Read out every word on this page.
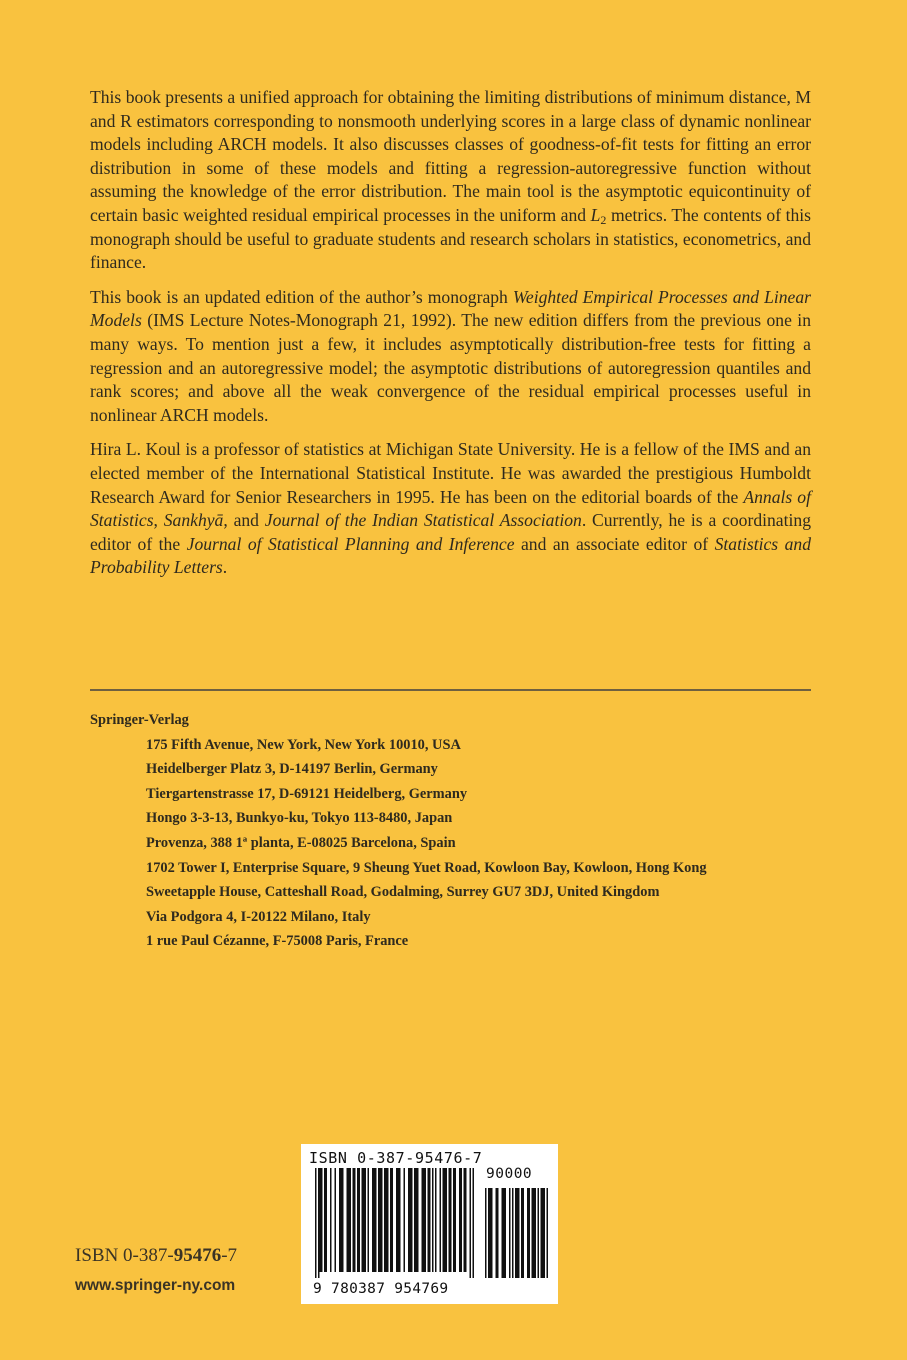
This book presents a unified approach for obtaining the limiting distributions of minimum distance, M and R estimators corresponding to nonsmooth underlying scores in a large class of dynamic nonlinear models including ARCH models. It also discusses classes of goodness-of-fit tests for fitting an error distribution in some of these models and fitting a regression-autoregressive function without assuming the knowledge of the error distribution. The main tool is the asymptotic equicontinuity of certain basic weighted residual empirical processes in the uniform and $L_2$ metrics. The contents of this monograph should be useful to graduate students and research scholars in statistics, econometrics, and finance.

This book is an updated edition of the author’s monograph Weighted Empirical Processes and Linear Models (IMS Lecture Notes-Monograph 21, 1992). The new edition differs from the previous one in many ways. To mention just a few, it includes asymptotically distribution-free tests for fitting a regression and an autoregressive model; the asymptotic distributions of autoregression quantiles and rank scores; and above all the weak convergence of the residual empirical processes useful in nonlinear ARCH models.

Hira L. Koul is a professor of statistics at Michigan State University. He is a fellow of the IMS and an elected member of the International Statistical Institute. He was awarded the prestigious Humboldt Research Award for Senior Researchers in 1995. He has been on the editorial boards of the Annals of Statistics, Sankhyā, and Journal of the Indian Statistical Association. Currently, he is a coordinating editor of the Journal of Statistical Planning and Inference and an associate editor of Statistics and Probability Letters.

Springer-Verlag
175 Fifth Avenue, New York, New York 10010, USA
Heidelberger Platz 3, D-14197 Berlin, Germany
Tiergartenstrasse 17, D-69121 Heidelberg, Germany
Hongo 3-3-13, Bunkyo-ku, Tokyo 113-8480, Japan
Provenza, 388 1ª planta, E-08025 Barcelona, Spain
1702 Tower I, Enterprise Square, 9 Sheung Yuet Road, Kowloon Bay, Kowloon, Hong Kong
Sweetapple House, Catteshall Road, Godalming, Surrey GU7 3DJ, United Kingdom
Via Podgora 4, I-20122 Milano, Italy
1 rue Paul Cézanne, F-75008 Paris, France
ISBN 0-387-95476-7
www.springer-ny.com
ISBN 0-387-95476-7
90000
9 780387 954769
